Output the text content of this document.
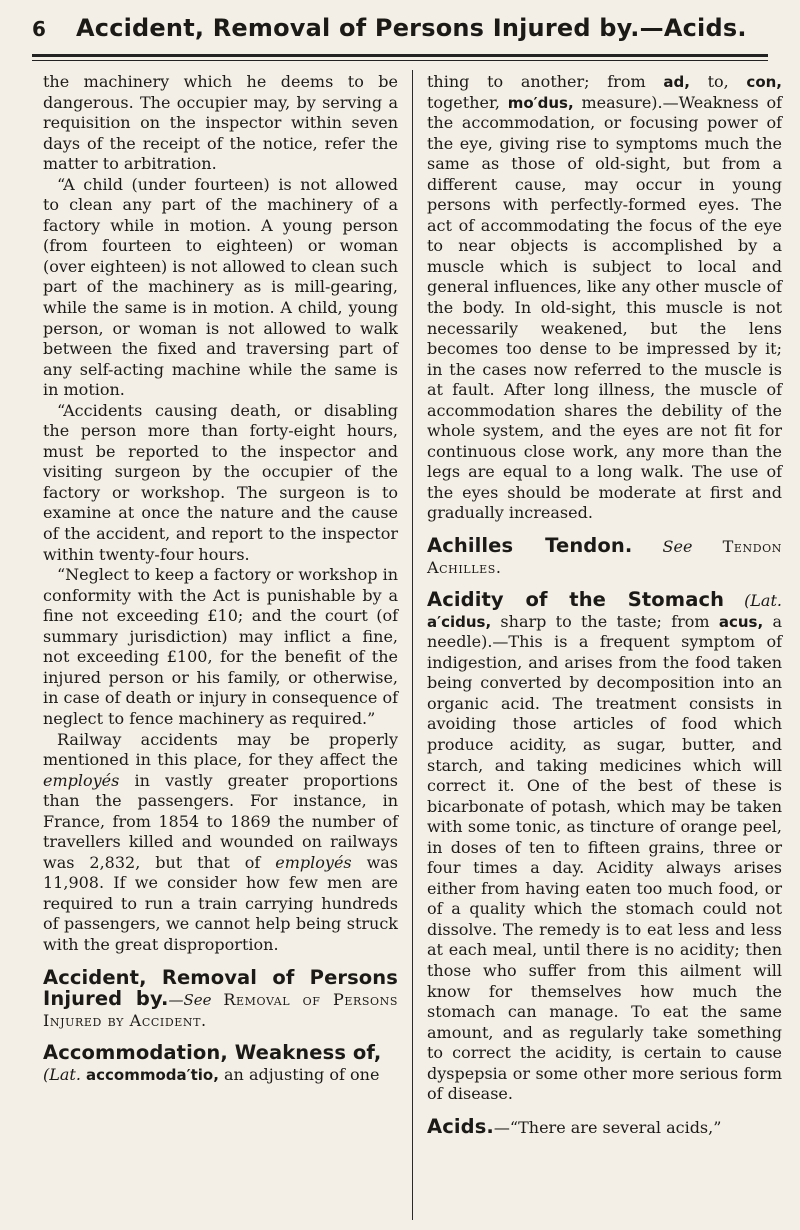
6	Accident, Removal of Persons Injured by.—Acids.

the machinery which he deems to be dangerous. The occupier may, by serving a requisition on the inspector within seven days of the receipt of the notice, refer the matter to arbitration.

“A child (under fourteen) is not allowed to clean any part of the machinery of a factory while in motion. A young person (from fourteen to eighteen) or woman (over eighteen) is not allowed to clean such part of the machinery as is mill-gearing, while the same is in motion. A child, young person, or woman is not allowed to walk between the fixed and traversing part of any self-acting machine while the same is in motion.

“Accidents causing death, or disabling the person more than forty-eight hours, must be reported to the inspector and visiting surgeon by the occupier of the factory or workshop. The surgeon is to examine at once the nature and the cause of the accident, and report to the inspector within twenty-four hours.

“Neglect to keep a factory or workshop in conformity with the Act is punishable by a fine not exceeding £10; and the court (of summary jurisdiction) may inflict a fine, not exceeding £100, for the benefit of the injured person or his family, or otherwise, in case of death or injury in consequence of neglect to fence machinery as required.”

Railway accidents may be properly mentioned in this place, for they affect the employés in vastly greater proportions than the passengers. For instance, in France, from 1854 to 1869 the number of travellers killed and wounded on railways was 2,832, but that of employés was 11,908. If we consider how few men are required to run a train carrying hundreds of passengers, we cannot help being struck with the great disproportion.

Accident, Removal of Persons Injured by.—See Removal of Persons Injured by Accident.

Accommodation, Weakness of,
(Lat. accommoda′tio, an adjusting of one

thing to another; from ad, to, con, together, mo′dus, measure).—Weakness of the accommodation, or focusing power of the eye, giving rise to symptoms much the same as those of old-sight, but from a different cause, may occur in young persons with perfectly-formed eyes. The act of accommodating the focus of the eye to near objects is accomplished by a muscle which is subject to local and general influences, like any other muscle of the body. In old-sight, this muscle is not necessarily weakened, but the lens becomes too dense to be impressed by it; in the cases now referred to the muscle is at fault. After long illness, the muscle of accommodation shares the debility of the whole system, and the eyes are not fit for continuous close work, any more than the legs are equal to a long walk. The use of the eyes should be moderate at first and gradually increased.

Achilles Tendon. See Tendon Achilles.

Acidity of the Stomach (Lat. a′cidus, sharp to the taste; from acus, a needle).—This is a frequent symptom of indigestion, and arises from the food taken being converted by decomposition into an organic acid. The treatment consists in avoiding those articles of food which produce acidity, as sugar, butter, and starch, and taking medicines which will correct it. One of the best of these is bicarbonate of potash, which may be taken with some tonic, as tincture of orange peel, in doses of ten to fifteen grains, three or four times a day. Acidity always arises either from having eaten too much food, or of a quality which the stomach could not dissolve. The remedy is to eat less and less at each meal, until there is no acidity; then those who suffer from this ailment will know for themselves how much the stomach can manage. To eat the same amount, and as regularly take something to correct the acidity, is certain to cause dyspepsia or some other more serious form of disease.

Acids.—“There are several acids,”
